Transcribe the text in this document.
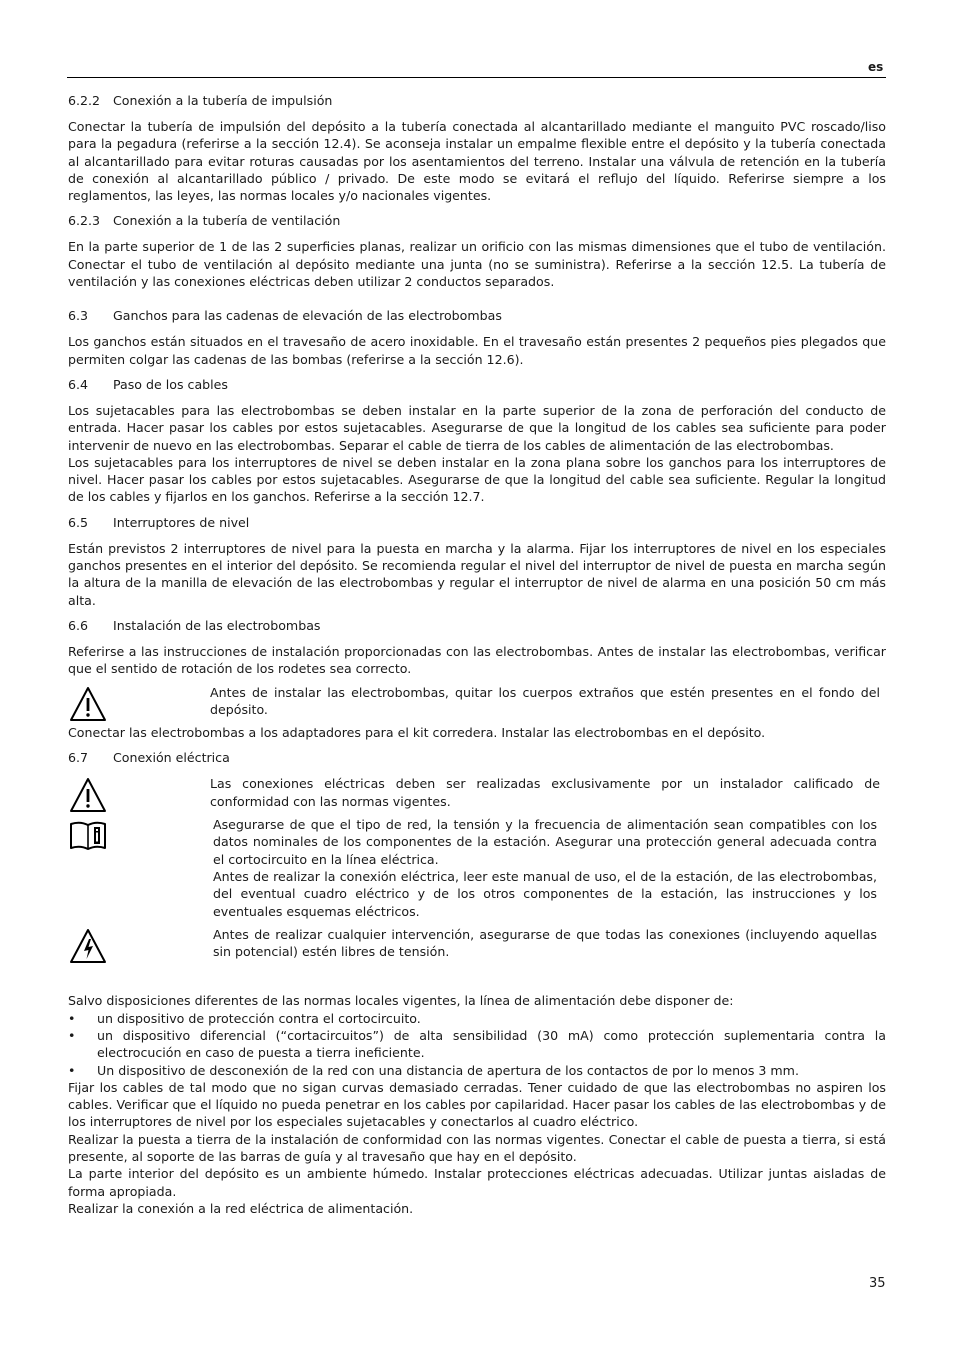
es
6.2.2 Conexión a la tubería de impulsión

Conectar la tubería de impulsión del depósito a la tubería conectada al alcantarillado mediante el manguito PVC roscado/liso para la pegadura (referirse a la sección 12.4). Se aconseja instalar un empalme flexible entre el depósito y la tubería conectada al alcantarillado para evitar roturas causadas por los asentamientos del terreno. Instalar una válvula de retención en la tubería de conexión al alcantarillado público / privado. De este modo se evitará el reflujo del líquido. Referirse siempre a los reglamentos, las leyes, las normas locales y/o nacionales vigentes.

6.2.3 Conexión a la tubería de ventilación

En la parte superior de 1 de las 2 superficies planas, realizar un orificio con las mismas dimensiones que el tubo de ventilación. Conectar el tubo de ventilación al depósito mediante una junta (no se suministra). Referirse a la sección 12.5. La tubería de ventilación y las conexiones eléctricas deben utilizar 2 conductos separados.

6.3 Ganchos para las cadenas de elevación de las electrobombas

Los ganchos están situados en el travesaño de acero inoxidable. En el travesaño están presentes 2 pequeños pies plegados que permiten colgar las cadenas de las bombas (referirse a la sección 12.6).

6.4 Paso de los cables

Los sujetacables para las electrobombas se deben instalar en la parte superior de la zona de perforación del conducto de entrada. Hacer pasar los cables por estos sujetacables. Asegurarse de que la longitud de los cables sea suficiente para poder intervenir de nuevo en las electrobombas. Separar el cable de tierra de los cables de alimentación de las electrobombas.

Los sujetacables para los interruptores de nivel se deben instalar en la zona plana sobre los ganchos para los interruptores de nivel. Hacer pasar los cables por estos sujetacables. Asegurarse de que la longitud del cable sea suficiente. Regular la longitud de los cables y fijarlos en los ganchos. Referirse a la sección 12.7.

6.5 Interruptores de nivel

Están previstos 2 interruptores de nivel para la puesta en marcha y la alarma. Fijar los interruptores de nivel en los especiales ganchos presentes en el interior del depósito. Se recomienda regular el nivel del interruptor de nivel de puesta en marcha según la altura de la manilla de elevación de las electrobombas y regular el interruptor de nivel de alarma en una posición 50 cm más alta.

6.6 Instalación de las electrobombas

Referirse a las instrucciones de instalación proporcionadas con las electrobombas. Antes de instalar las electrobombas, verificar que el sentido de rotación de los rodetes sea correcto.

Antes de instalar las electrobombas, quitar los cuerpos extraños que estén presentes en el fondo del depósito.

Conectar las electrobombas a los adaptadores para el kit corredera. Instalar las electrobombas en el depósito.

6.7 Conexión eléctrica

Las conexiones eléctricas deben ser realizadas exclusivamente por un instalador calificado de conformidad con las normas vigentes.

Asegurarse de que el tipo de red, la tensión y la frecuencia de alimentación sean compatibles con los datos nominales de los componentes de la estación. Asegurar una protección general adecuada contra el cortocircuito en la línea eléctrica.

Antes de realizar la conexión eléctrica, leer este manual de uso, el de la estación, de las electrobombas, del eventual cuadro eléctrico y de los otros componentes de la estación, las instrucciones y los eventuales esquemas eléctricos.

Antes de realizar cualquier intervención, asegurarse de que todas las conexiones (incluyendo aquellas sin potencial) estén libres de tensión.

Salvo disposiciones diferentes de las normas locales vigentes, la línea de alimentación debe disponer de:

• un dispositivo de protección contra el cortocircuito.
• un dispositivo diferencial (“cortacircuitos”) de alta sensibilidad (30 mA) como protección suplementaria contra la electrocución en caso de puesta a tierra ineficiente.
• Un dispositivo de desconexión de la red con una distancia de apertura de los contactos de por lo menos 3 mm.

Fijar los cables de tal modo que no sigan curvas demasiado cerradas. Tener cuidado de que las electrobombas no aspiren los cables. Verificar que el líquido no pueda penetrar en los cables por capilaridad. Hacer pasar los cables de las electrobombas y de los interruptores de nivel por los especiales sujetacables y conectarlos al cuadro eléctrico.

Realizar la puesta a tierra de la instalación de conformidad con las normas vigentes. Conectar el cable de puesta a tierra, si está presente, al soporte de las barras de guía y al travesaño que hay en el depósito.

La parte interior del depósito es un ambiente húmedo. Instalar protecciones eléctricas adecuadas. Utilizar juntas aisladas de forma apropiada.

Realizar la conexión a la red eléctrica de alimentación.

35
